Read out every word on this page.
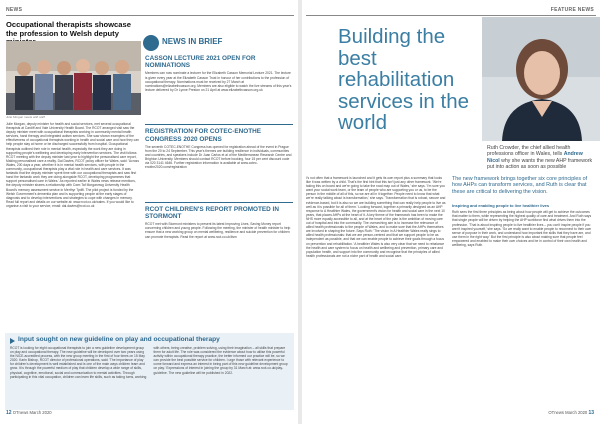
NEWS
Occupational therapists showcase the profession to Welsh deputy
Julie Morgan meets with staff
Julie Morgan, deputy minister for health and social services, met several occupational therapists at Cardiff and Vale University Health Board. The RCOT arranged visit saw the deputy minister meet with occupational therapists working in community mental health services, hand therapy and integrated autism services. She saw shown examples of the effectiveness of occupational therapists working in health and social care and how they can help people stay at home or be discharged successfully from hospital. Occupational therapists outlined their role in mental health, especially the work they are doing in supporting people's wellbeing and developing early intervention services. The visit follows RCOT meeting with the deputy minister last year to highlight the personalised care report, Making personalised care a reality. Dai Davies, RCOT policy officer for Wales, said: 'Across Wales, 200 days a year, whether it is in mental health services, with people in the community, occupational therapists play a vital role in health and care services. It was fantastic that the deputy minister spent time with our occupational therapists and saw first hand the fantastic work they are doing alongside RCOT, developing programmes that support personalised care in Wales.' As reported earlier in Wales news release mentions, the deputy minister shares a relationship with Cwm Taf Morgannwg University Health Board's memory assessment service in Merthyr Tydfil. The pilot project is funded by the Welsh Government's dementia plan and is supporting people at the early stages of diagnosis and to develop interventions and strategies to cope with changes in memory. Read full report and details on our website at: www.rcot.co.uk/wales. If you would like to organise a visit to your service, email: dai.davies@rcot.co.uk
NEWS IN BRIEF
CASSON LECTURE 2021 OPEN FOR NOMINATIONS
Members can now nominate a lecturer for the Elizabeth Casson Memorial Lecture 2021. The lecture is given every year at the Elizabeth Casson Trust in honour of her contributions to the profession of occupational therapy. Nominations must be received by 27 March at nominations@elizabethcasson.org. Members are also eligible to watch the live streams of this year's lecture delivered by Dr Lynne Preston on 21 April at www.elizabethcasson.org.uk
REGISTRATION FOR COTEC-ENOTHE CONGRESS 2020 OPENS
The seventh COTEC-ENOTHE Congress has opened for registration ahead of the event in Prague from the 20 to 24 September. This year's themes are building resilience in individuals, communities and countries, and speakers include Dr Juan Carlos et al of the Mediterranean Research Centre and Brighton University. Members should contact RCOT before booking, four 15 per cent discount code via 020 3141 4646. Further registration information is available at www.cotec-enothe2020.com/registration
RCOT CHILDREN'S REPORT PROMOTED IN STORMONT
RCOT met with Stormont ministers to present its latest Improving Lives, Saving Money report concerning children and young people. Following the meeting, the minister of health minister to help ensure that a new working group on mental wellbeing, resilience and suicide prevention for children can promote therapists. Read the report at www.rcot.co.uk/ilsm
Input sought on new guideline on play and occupational therapy
RCOT is looking for eight occupational therapists to join a new guideline development group on play and occupational therapy. The new guideline will be developed over two years using the NICE-accredited process, with the new group meeting in the first of four times on 15 May 2020. Karin Bishop, RCOT director of professional operations, said: 'The importance of play for children's development is well established and is one of the main ways children learn and grow. It is through the powerful medium of play that children develop a wide range of skills, physical, cognitive, emotional, social and communication to mental activities. Through participating in this vital occupation, children can learn life skills, such as taking turns, working with others, being creative, problem solving, using their imagination – all skills that prepare them for adult life. The role was considered the evidence about how to utilise this powerful activity within occupational therapy practice, the better informed our practice will be, so we can provide the best possible service for children. I urge those with relevant experience to come forward and express an interest in being part of this new guideline development group on play.' Expressions of interest in joining the group by 31 March at: www.rcot.co.uk/play-guideline. The new guideline will be published in 2022.
12 OTnews March 2020
FEATURE NEWS
Building the best rehabilitation services in the world
Ruth Crowder, the chief allied health professions officer in Wales, tells Andrew Nicol why she wants the new AHP framework put into action as soon as possible
I's not often that a framework is launched and it gets its own report plus a summary that looks like it was written by a child. That's the first hint that this isn't just any other framework. 'We're taking this on board and we're going to take the road map out of Wales,' she says. 'I'm sure you want your social work team, or the team of people who are supporting you or us, to be the person in the middle of all of this, so we are all in it together. People need to know that what we're really talking about is transformation,' she says. 'Transformation that is robust, secure and evidence-based, but it is also so we are building something that can really help people to live as well as it is possible for all of them.' Looking forward, together a primarily designed as an AHP response to A Healthier Wales, the government's vision for health and social care in the next 10 years, that places AHPs at the heart of it. A key theme of the framework has been to make the NHS more equally accessible to all, and at the heart of the plan is the ambition of moving care out of hospital and into the community. The overarching aim is to increase the relevance of allied health professionals to the people of Wales, and to make sure that the AHPs themselves are involved in shaping the future. Says Ruth: 'The vision in A Healthier Wales really sings to allied health professionals: that we are person-centred and that we support people to be as independent as possible, and that we can enable people to achieve their goals through a focus on prevention and rehabilitation.' A healthier Wales is also very clear that we need to rebalance the health and care system to focus on health and wellbeing and prevention, primary care and population health, and support into the community and recognise that the principles of allied health professionals are not a niche part of health and social care.
The new framework brings together six core principles of how AHPs can transform services, and Ruth is clear that these are critical to delivering the vision.
Inspiring and enabling people to live healthier lives
Ruth sees the first three principles as being about how people will get to achieve the outcomes that matter to them, while representing the highest quality of care and treatment. And Ruth says that single people will be driven by helping the AHP workforce find what drives them into the profession. 'That is about inspiring people to live healthier lives – you can't inspire people if you aren't inspired yourself,' she says. 'So we really want to enable people to reconnect to their own sense of purpose in their work, and understand how important the skills that they have are, and use them in the right way.' But the first principle is also about making sure that people feel empowered and enabled to make their own choices and be in control of their own health and wellbeing, says Ruth.
OTnews March 2020 13
